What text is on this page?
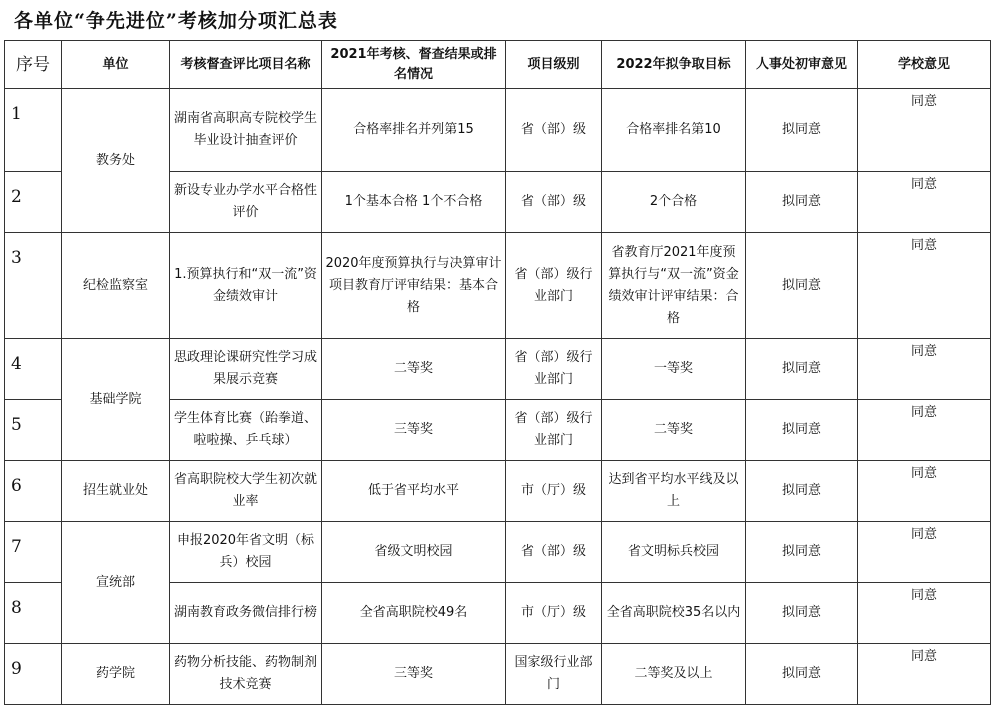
各单位“争先进位”考核加分项汇总表
序号	单位	考核督查评比项目名称	2021年考核、督查结果或排名情况	项目级别	2022年拟争取目标	人事处初审意见	学校意见
1	教务处	湖南省高职高专院校学生毕业设计抽查评价	合格率排名并列第15	省（部）级	合格率排名第10	拟同意	同意
2		新设专业办学水平合格性评价	1个基本合格 1个不合格	省（部）级	2个合格	拟同意	同意
3	纪检监察室	1.预算执行和“双一流”资金绩效审计	2020年度预算执行与决算审计项目教育厅评审结果：基本合格	省（部）级行业部门	省教育厅2021年度预算执行与“双一流”资金绩效审计评审结果：合格	拟同意	同意
4	基础学院	思政理论课研究性学习成果展示竞赛	二等奖	省（部）级行业部门	一等奖	拟同意	同意
5		学生体育比赛（跆拳道、啦啦操、乒乓球）	三等奖	省（部）级行业部门	二等奖	拟同意	同意
6	招生就业处	省高职院校大学生初次就业率	低于省平均水平	市（厅）级	达到省平均水平线及以上	拟同意	同意
7	宣统部	申报2020年省文明（标兵）校园	省级文明校园	省（部）级	省文明标兵校园	拟同意	同意
8		湖南教育政务微信排行榜	全省高职院校49名	市（厅）级	全省高职院校35名以内	拟同意	同意
9	药学院	药物分析技能、药物制剂技术竞赛	三等奖	国家级行业部门	二等奖及以上	拟同意	同意
